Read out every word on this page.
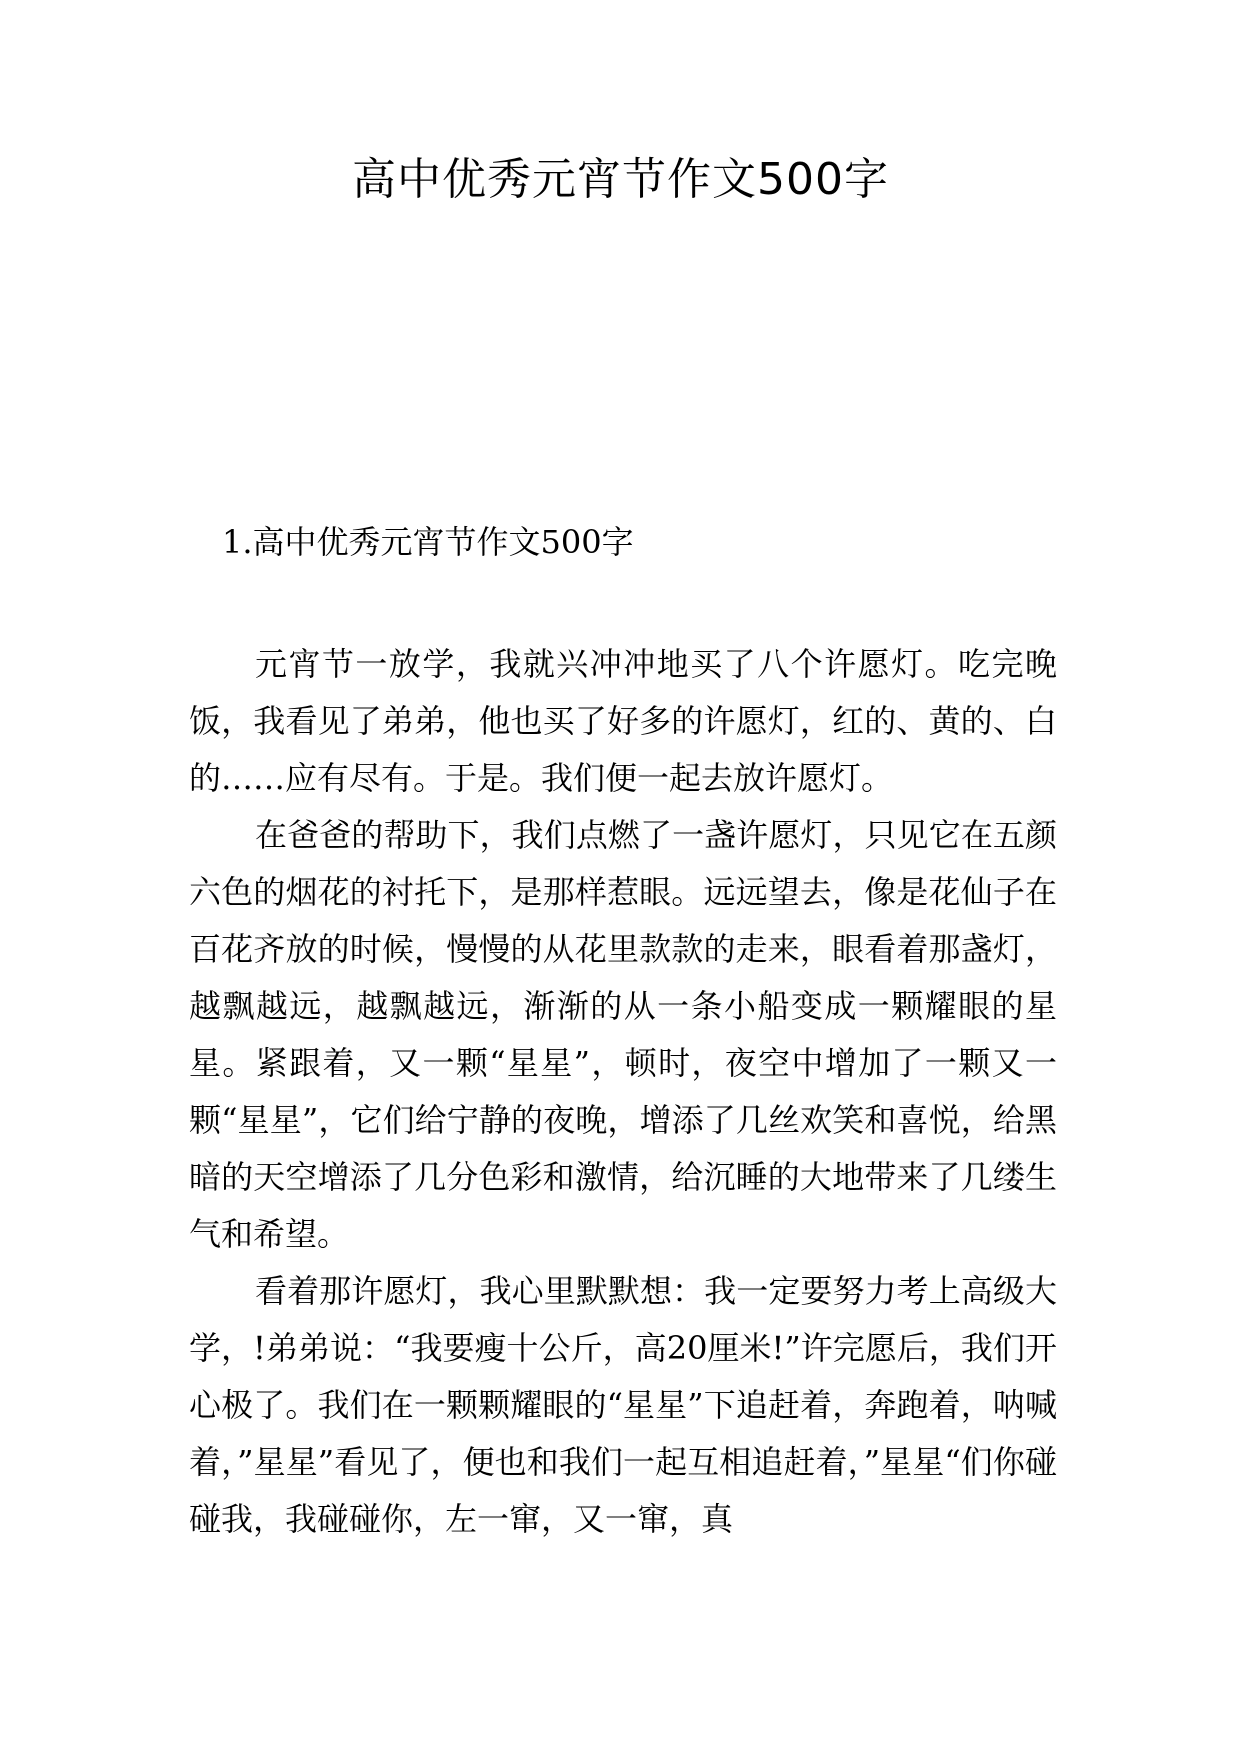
高中优秀元宵节作文500字
1.高中优秀元宵节作文500字

元宵节一放学，我就兴冲冲地买了八个许愿灯。吃完晚饭，我看见了弟弟，他也买了好多的许愿灯，红的、黄的、白的……应有尽有。于是。我们便一起去放许愿灯。

在爸爸的帮助下，我们点燃了一盏许愿灯，只见它在五颜六色的烟花的衬托下，是那样惹眼。远远望去，像是花仙子在百花齐放的时候，慢慢的从花里款款的走来，眼看着那盏灯，越飘越远，越飘越远，渐渐的从一条小船变成一颗耀眼的星星。紧跟着，又一颗“星星”，顿时，夜空中增加了一颗又一颗“星星”，它们给宁静的夜晚，增添了几丝欢笑和喜悦，给黑暗的天空增添了几分色彩和激情，给沉睡的大地带来了几缕生气和希望。

看着那许愿灯，我心里默默想：我一定要努力考上高级大学，!弟弟说：“我要瘦十公斤，高20厘米!”许完愿后，我们开心极了。我们在一颗颗耀眼的“星星”下追赶着，奔跑着，呐喊着，”星星”看见了，便也和我们一起互相追赶着，”星星“们你碰碰我，我碰碰你，左一窜，又一窜，真
